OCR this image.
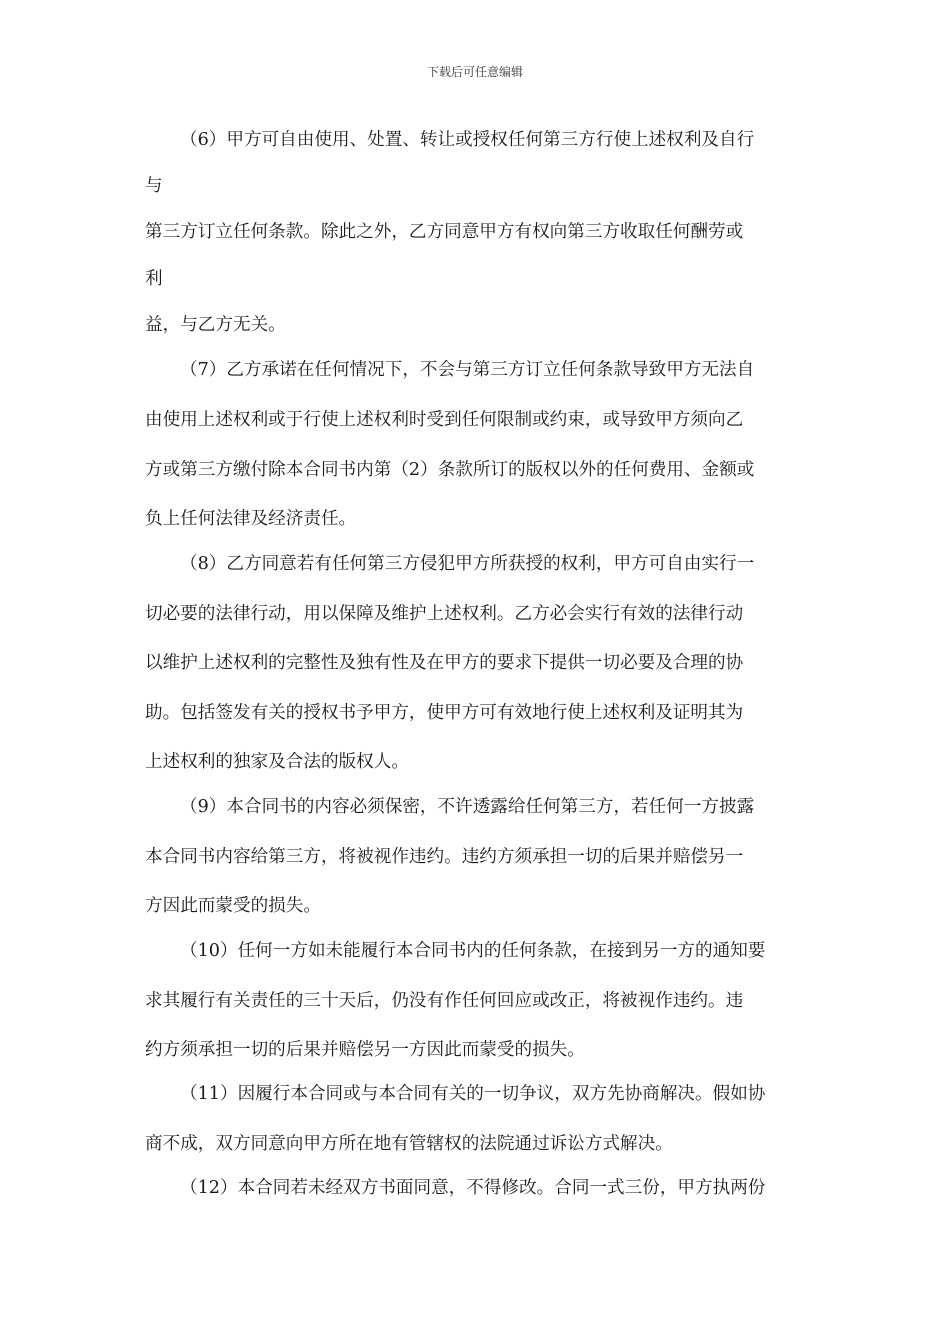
下载后可任意编辑
（6）甲方可自由使用、处置、转让或授权任何第三方行使上述权利及自行
与
第三方订立任何条款。除此之外，乙方同意甲方有权向第三方收取任何酬劳或
利
益，与乙方无关。
（7）乙方承诺在任何情况下，不会与第三方订立任何条款导致甲方无法自
由使用上述权利或于行使上述权利时受到任何限制或约束，或导致甲方须向乙
方或第三方缴付除本合同书内第（2）条款所订的版权以外的任何费用、金额或
负上任何法律及经济责任。
（8）乙方同意若有任何第三方侵犯甲方所获授的权利，甲方可自由实行一
切必要的法律行动，用以保障及维护上述权利。乙方必会实行有效的法律行动
以维护上述权利的完整性及独有性及在甲方的要求下提供一切必要及合理的协
助。包括签发有关的授权书予甲方，使甲方可有效地行使上述权利及证明其为
上述权利的独家及合法的版权人。
（9）本合同书的内容必须保密，不许透露给任何第三方，若任何一方披露
本合同书内容给第三方，将被视作违约。违约方须承担一切的后果并赔偿另一
方因此而蒙受的损失。
（10）任何一方如未能履行本合同书内的任何条款，在接到另一方的通知要
求其履行有关责任的三十天后，仍没有作任何回应或改正，将被视作违约。违
约方须承担一切的后果并赔偿另一方因此而蒙受的损失。
（11）因履行本合同或与本合同有关的一切争议，双方先协商解决。假如协
商不成，双方同意向甲方所在地有管辖权的法院通过诉讼方式解决。
（12）本合同若未经双方书面同意，不得修改。合同一式三份，甲方执两份
